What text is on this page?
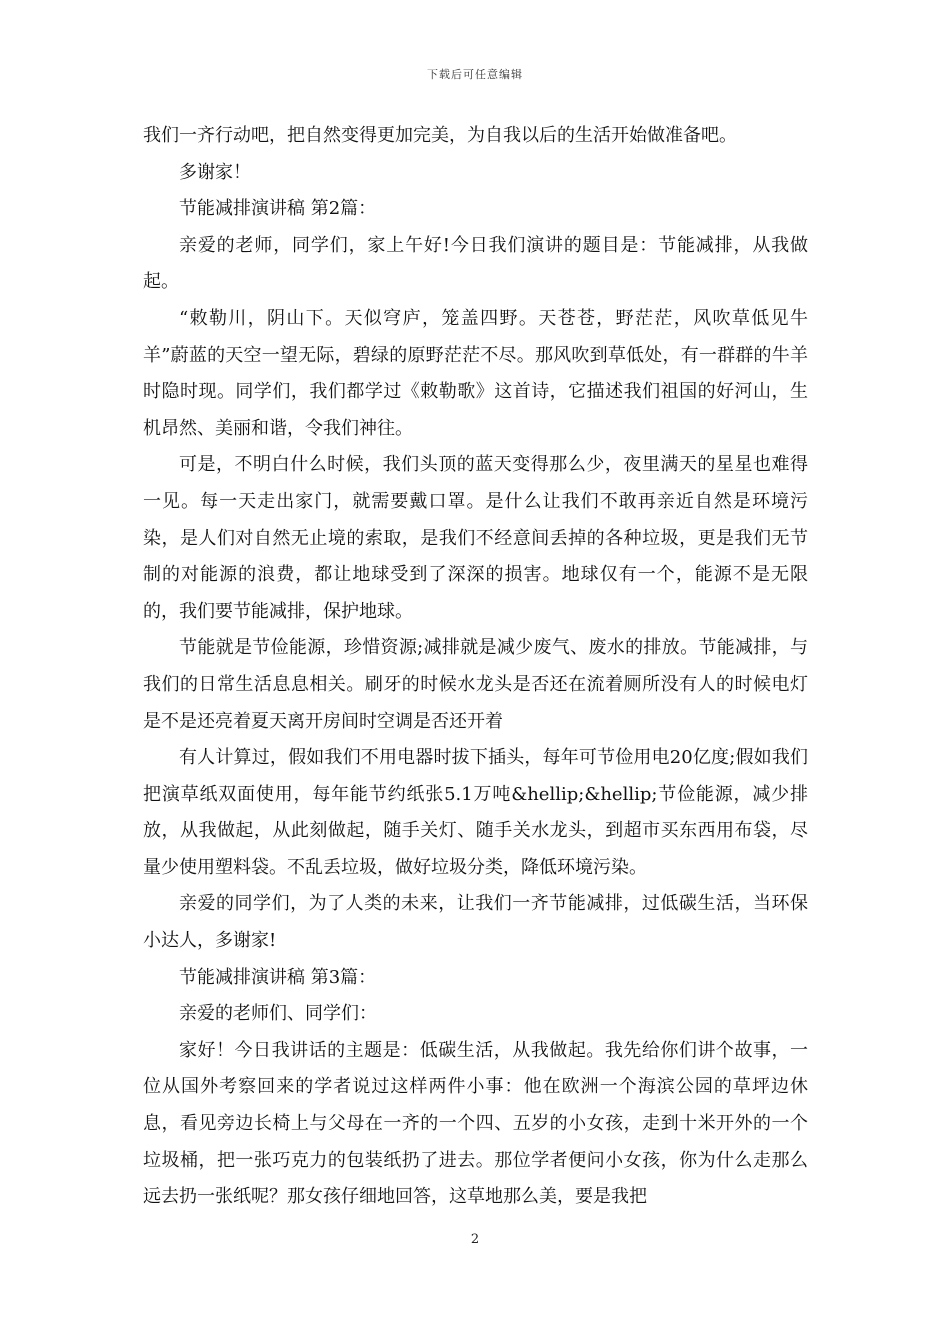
下载后可任意编辑

我们一齐行动吧，把自然变得更加完美，为自我以后的生活开始做准备吧。

多谢家！

节能减排演讲稿 第2篇：

亲爱的老师，同学们，家上午好!今日我们演讲的题目是：节能减排，从我做起。

“敕勒川，阴山下。天似穹庐，笼盖四野。天苍苍，野茫茫，风吹草低见牛羊”蔚蓝的天空一望无际，碧绿的原野茫茫不尽。那风吹到草低处，有一群群的牛羊时隐时现。同学们，我们都学过《敕勒歌》这首诗，它描述我们祖国的好河山，生机昂然、美丽和谐，令我们神往。

可是，不明白什么时候，我们头顶的蓝天变得那么少，夜里满天的星星也难得一见。每一天走出家门，就需要戴口罩。是什么让我们不敢再亲近自然是环境污染，是人们对自然无止境的索取，是我们不经意间丢掉的各种垃圾，更是我们无节制的对能源的浪费，都让地球受到了深深的损害。地球仅有一个，能源不是无限的，我们要节能减排，保护地球。

节能就是节俭能源，珍惜资源;减排就是减少废气、废水的排放。节能减排，与我们的日常生活息息相关。刷牙的时候水龙头是否还在流着厕所没有人的时候电灯是不是还亮着夏天离开房间时空调是否还开着

有人计算过，假如我们不用电器时拔下插头，每年可节俭用电20亿度;假如我们把演草纸双面使用，每年能节约纸张5.1万吨&hellip;&hellip;节俭能源，减少排放，从我做起，从此刻做起，随手关灯、随手关水龙头，到超市买东西用布袋，尽量少使用塑料袋。不乱丢垃圾，做好垃圾分类，降低环境污染。

亲爱的同学们，为了人类的未来，让我们一齐节能减排，过低碳生活，当环保小达人，多谢家!

节能减排演讲稿 第3篇：

亲爱的老师们、同学们：

家好！今日我讲话的主题是：低碳生活，从我做起。我先给你们讲个故事，一位从国外考察回来的学者说过这样两件小事：他在欧洲一个海滨公园的草坪边休息，看见旁边长椅上与父母在一齐的一个四、五岁的小女孩，走到十米开外的一个垃圾桶，把一张巧克力的包装纸扔了进去。那位学者便问小女孩，你为什么走那么远去扔一张纸呢？那女孩仔细地回答，这草地那么美，要是我把

2
